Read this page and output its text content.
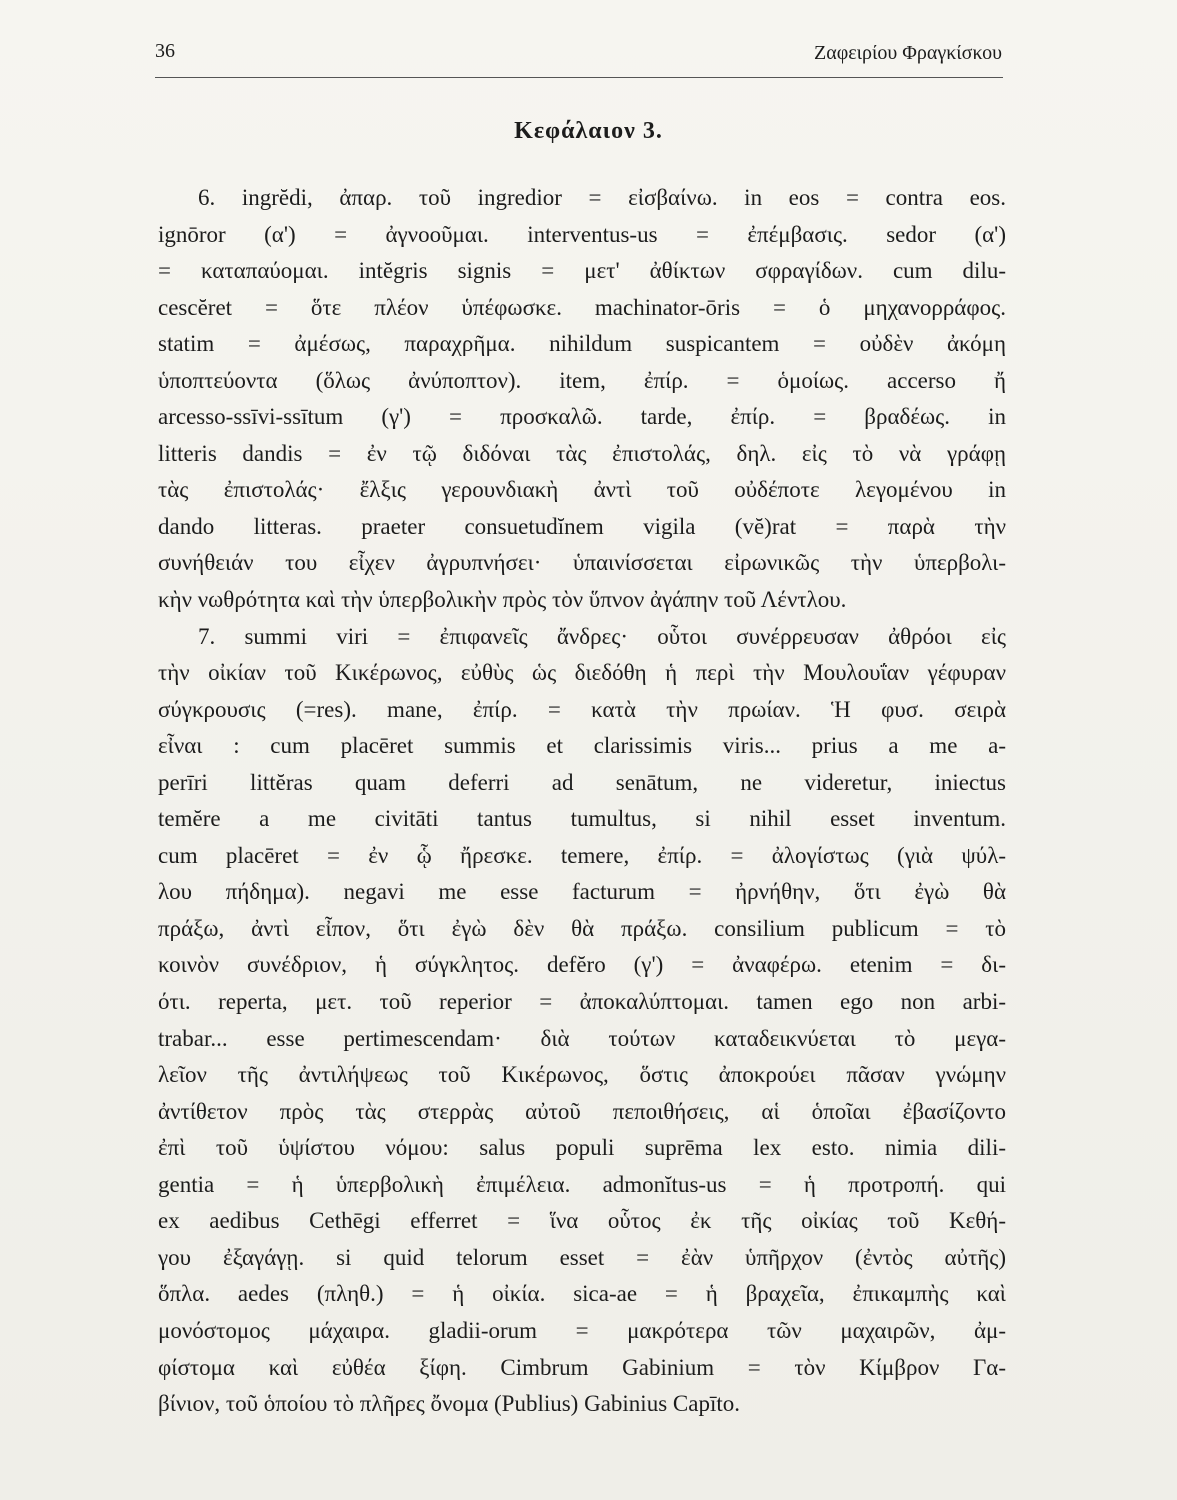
36	Ζαφειρίου Φραγκίσκου
Κεφάλαιον 3.
6. ingrĕdi, ἀπαρ. τοῦ ingredior = εἰσβαίνω. in eos = contra eos.
ignōror (α') = ἀγνοοῦμαι. interventus-us = ἐπέμβασις. sedor (α')
= καταπαύομαι. intĕgris signis = μετ' ἀθίκτων σφραγίδων. cum dilu-
cescĕret = ὅτε πλέον ὑπέφωσκε. machinator-ōris = ὁ μηχανορράφος.
statim = ἀμέσως, παραχρῆμα. nihildum suspicantem = οὐδὲν ἀκόμη
ὑποπτεύοντα (ὅλως ἀνύποπτον). item, ἐπίρ. = ὁμοίως. accerso ἤ
arcesso-ssīvi-ssītum (γ') = προσκαλῶ. tarde, ἐπίρ. = βραδέως. in
litteris dandis = ἐν τῷ διδόναι τὰς ἐπιστολάς, δηλ. εἰς τὸ νὰ γράφῃ
τὰς ἐπιστολάς· ἔλξις γερουνδιακὴ ἀντὶ τοῦ οὐδέποτε λεγομένου in
dando litteras. praeter consuetudĭnem vigila (vĕ)rat = παρὰ τὴν
συνήθειάν του εἶχεν ἀγρυπνήσει· ὑπαινίσσεται εἰρωνικῶς τὴν ὑπερβολι-
κὴν νωθρότητα καὶ τὴν ὑπερβολικὴν πρὸς τὸν ὕπνον ἀγάπην τοῦ Λέντλου.
7. summi viri = ἐπιφανεῖς ἄνδρες· οὗτοι συνέρρευσαν ἀθρόοι εἰς
τὴν οἰκίαν τοῦ Κικέρωνος, εὐθὺς ὡς διεδόθη ἡ περὶ τὴν Μουλουΐαν γέφυραν
σύγκρουσις (=res). mane, ἐπίρ. = κατὰ τὴν πρωίαν. Ἡ φυσ. σειρὰ
εἶναι : cum placēret summis et clarissimis viris... prius a me a-
perīri littĕras quam deferri ad senātum, ne videretur, iniectus
temĕre a me civitāti tantus tumultus, si nihil esset inventum.
cum placēret = ἐν ᾧ ἤρεσκε. temere, ἐπίρ. = ἀλογίστως (γιὰ ψύλ-
λου πήδημα). negavi me esse facturum = ἠρνήθην, ὅτι ἐγὼ θὰ
πράξω, ἀντὶ εἶπον, ὅτι ἐγὼ δὲν θὰ πράξω. consilium publicum = τὸ
κοινὸν συνέδριον, ἡ σύγκλητος. defĕro (γ') = ἀναφέρω. etenim = δι-
ότι. reperta, μετ. τοῦ reperior = ἀποκαλύπτομαι. tamen ego non arbi-
trabar... esse pertimescendam· διὰ τούτων καταδεικνύεται τὸ μεγα-
λεῖον τῆς ἀντιλήψεως τοῦ Κικέρωνος, ὅστις ἀποκρούει πᾶσαν γνώμην
ἀντίθετον πρὸς τὰς στερρὰς αὐτοῦ πεποιθήσεις, αἱ ὁποῖαι ἐβασίζοντο
ἐπὶ τοῦ ὑψίστου νόμου: salus populi suprēma lex esto. nimia dili-
gentia = ἡ ὑπερβολικὴ ἐπιμέλεια. admonĭtus-us = ἡ προτροπή. qui
ex aedibus Cethēgi efferret = ἵνα οὗτος ἐκ τῆς οἰκίας τοῦ Κεθή-
γου ἐξαγάγῃ. si quid telorum esset = ἐὰν ὑπῆρχον (ἐντὸς αὐτῆς)
ὅπλα. aedes (πληθ.) = ἡ οἰκία. sica-ae = ἡ βραχεῖα, ἐπικαμπὴς καὶ
μονόστομος μάχαιρα. gladii-orum = μακρότερα τῶν μαχαιρῶν, ἀμ-
φίστομα καὶ εὐθέα ξίφη. Cimbrum Gabinium = τὸν Κίμβρον Γα-
βίνιον, τοῦ ὁποίου τὸ πλῆρες ὄνομα (Publius) Gabinius Capīto.
